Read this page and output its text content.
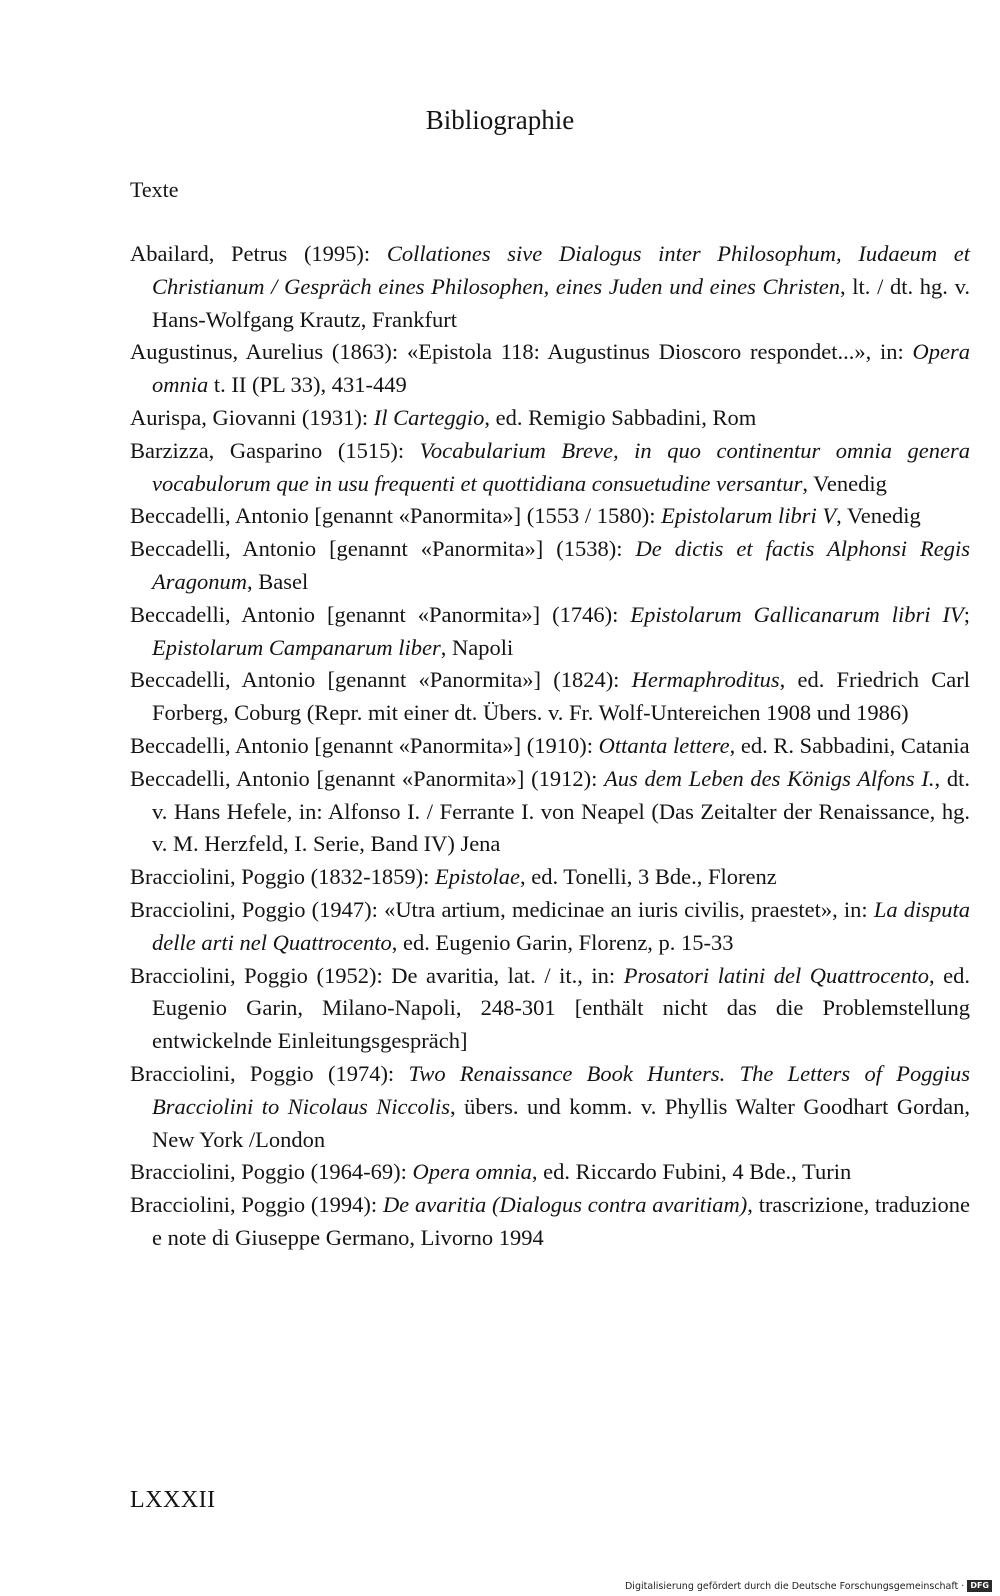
Bibliographie
Texte

Abailard, Petrus (1995): Collationes sive Dialogus inter Philosophum, Iudaeum et Christianum / Gespräch eines Philosophen, eines Juden und eines Christen, lt. / dt. hg. v. Hans-Wolfgang Krautz, Frankfurt

Augustinus, Aurelius (1863): «Epistola 118: Augustinus Dioscoro respondet...», in: Opera omnia t. II (PL 33), 431-449

Aurispa, Giovanni (1931): Il Carteggio, ed. Remigio Sabbadini, Rom

Barzizza, Gasparino (1515): Vocabularium Breve, in quo continentur omnia genera vocabulorum que in usu frequenti et quottidiana consuetudine versantur, Venedig

Beccadelli, Antonio [genannt «Panormita»] (1553 / 1580): Epistolarum libri V, Venedig

Beccadelli, Antonio [genannt «Panormita»] (1538): De dictis et factis Alphonsi Regis Aragonum, Basel

Beccadelli, Antonio [genannt «Panormita»] (1746): Epistolarum Gallicanarum libri IV; Epistolarum Campanarum liber, Napoli

Beccadelli, Antonio [genannt «Panormita»] (1824): Hermaphroditus, ed. Friedrich Carl Forberg, Coburg (Repr. mit einer dt. Übers. v. Fr. Wolf-Untereichen 1908 und 1986)

Beccadelli, Antonio [genannt «Panormita»] (1910): Ottanta lettere, ed. R. Sabbadini, Catania

Beccadelli, Antonio [genannt «Panormita»] (1912): Aus dem Leben des Königs Alfons I., dt. v. Hans Hefele, in: Alfonso I. / Ferrante I. von Neapel (Das Zeitalter der Renaissance, hg. v. M. Herzfeld, I. Serie, Band IV) Jena

Bracciolini, Poggio (1832-1859): Epistolae, ed. Tonelli, 3 Bde., Florenz

Bracciolini, Poggio (1947): «Utra artium, medicinae an iuris civilis, praestet», in: La disputa delle arti nel Quattrocento, ed. Eugenio Garin, Florenz, p. 15-33

Bracciolini, Poggio (1952): De avaritia, lat. / it., in: Prosatori latini del Quattrocento, ed. Eugenio Garin, Milano-Napoli, 248-301 [enthält nicht das die Problemstellung entwickelnde Einleitungsgespräch]

Bracciolini, Poggio (1974): Two Renaissance Book Hunters. The Letters of Poggius Bracciolini to Nicolaus Niccolis, übers. und komm. v. Phyllis Walter Goodhart Gordan, New York /London

Bracciolini, Poggio (1964-69): Opera omnia, ed. Riccardo Fubini, 4 Bde., Turin

Bracciolini, Poggio (1994): De avaritia (Dialogus contra avaritiam), trascrizione, traduzione e note di Giuseppe Germano, Livorno 1994

LXXXII
Digitalisierung gefördert durch die Deutsche Forschungsgemeinschaft · DFG
